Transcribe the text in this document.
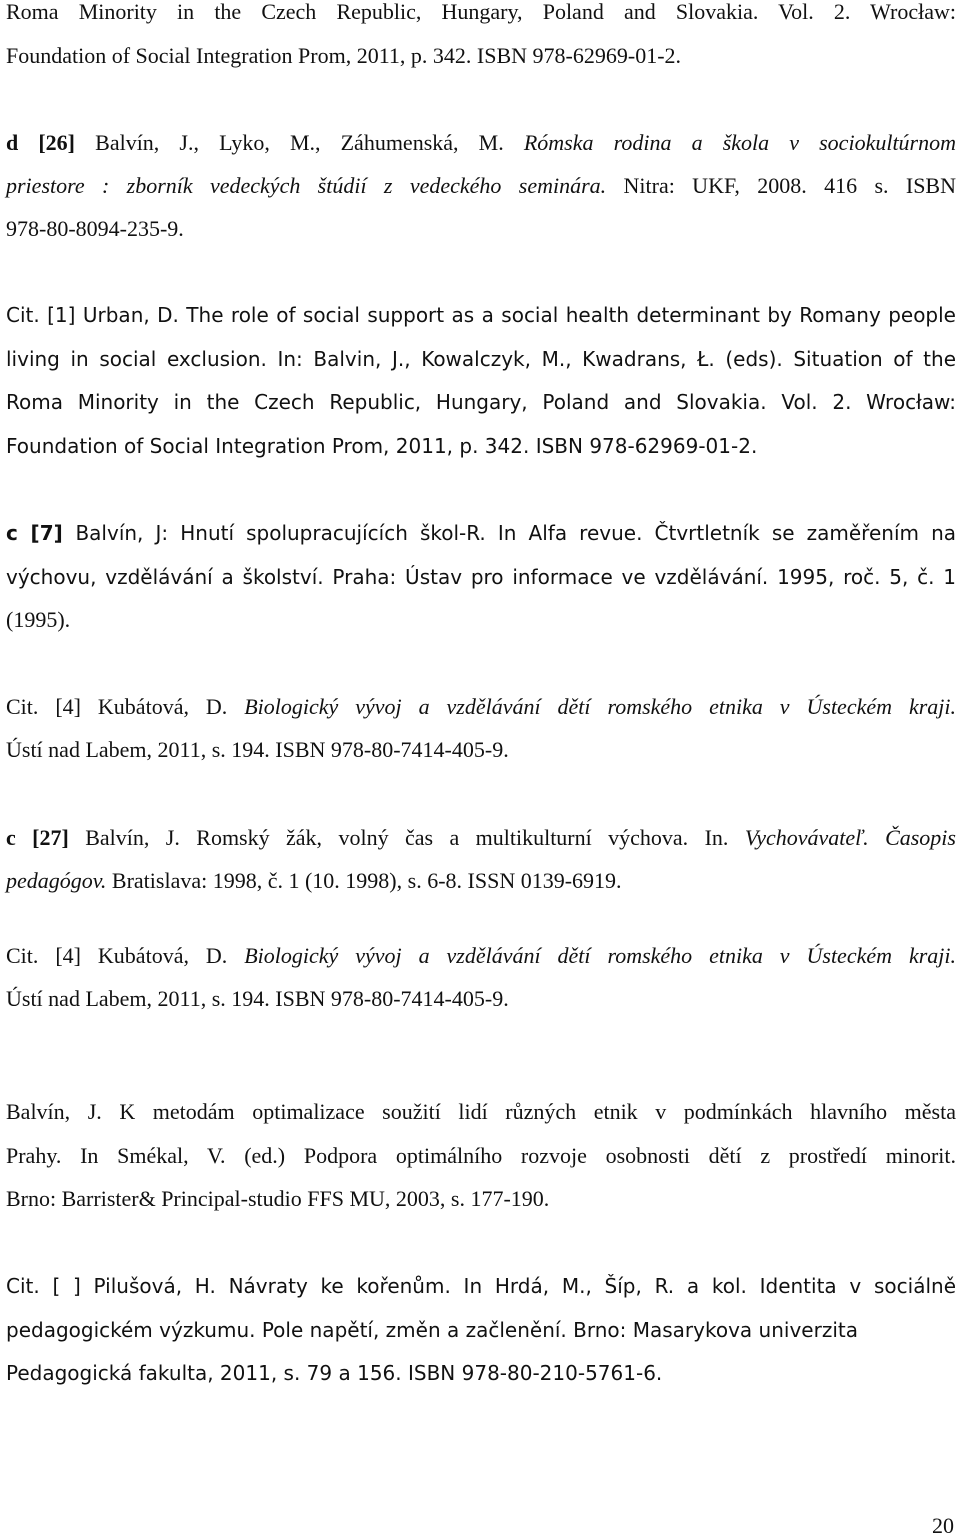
Roma Minority in the Czech Republic, Hungary, Poland and Slovakia. Vol. 2. Wrocław:
Foundation of Social Integration Prom, 2011, p. 342. ISBN 978-62969-01-2.
d [26] Balvín, J., Lyko, M., Záhumenská, M. Rómska rodina a škola v sociokultúrnom
priestore : zborník vedeckých štúdií z vedeckého seminára. Nitra: UKF, 2008. 416 s. ISBN
978-80-8094-235-9.
Cit. [1] Urban, D. The role of social support as a social health determinant by Romany people
living in social exclusion. In: Balvin, J., Kowalczyk, M., Kwadrans, Ł. (eds). Situation of the
Roma Minority in the Czech Republic, Hungary, Poland and Slovakia. Vol. 2. Wrocław:
Foundation of Social Integration Prom, 2011, p. 342. ISBN 978-62969-01-2.
c [7] Balvín, J: Hnutí spolupracujících škol-R. In Alfa revue. Čtvrtletník se zaměřením na
výchovu, vzdělávání a školství. Praha: Ústav pro informace ve vzdělávání. 1995, roč. 5, č. 1
(1995).
Cit. [4] Kubátová, D. Biologický vývoj a vzdělávání dětí romského etnika v Ústeckém kraji.
Ústí nad Labem, 2011, s. 194. ISBN 978-80-7414-405-9.
c [27] Balvín, J. Romský žák, volný čas a multikulturní výchova. In. Vychovávateľ. Časopis
pedagógov. Bratislava: 1998, č. 1 (10. 1998), s. 6-8. ISSN 0139-6919.
Cit. [4] Kubátová, D. Biologický vývoj a vzdělávání dětí romského etnika v Ústeckém kraji.
Ústí nad Labem, 2011, s. 194. ISBN 978-80-7414-405-9.
Balvín, J. K metodám optimalizace soužití lidí různých etnik v podmínkách hlavního města
Prahy. In Smékal, V. (ed.) Podpora optimálního rozvoje osobnosti dětí z prostředí minorit.
Brno: Barrister& Principal-studio FFS MU, 2003, s. 177-190.
Cit. [ ] Pilušová, H. Návraty ke kořenům. In Hrdá, M., Šíp, R. a kol. Identita v sociálně
pedagogickém výzkumu. Pole napětí, změn a začlenění. Brno: Masarykova univerzita
Pedagogická fakulta, 2011, s. 79 a 156. ISBN 978-80-210-5761-6.
20
